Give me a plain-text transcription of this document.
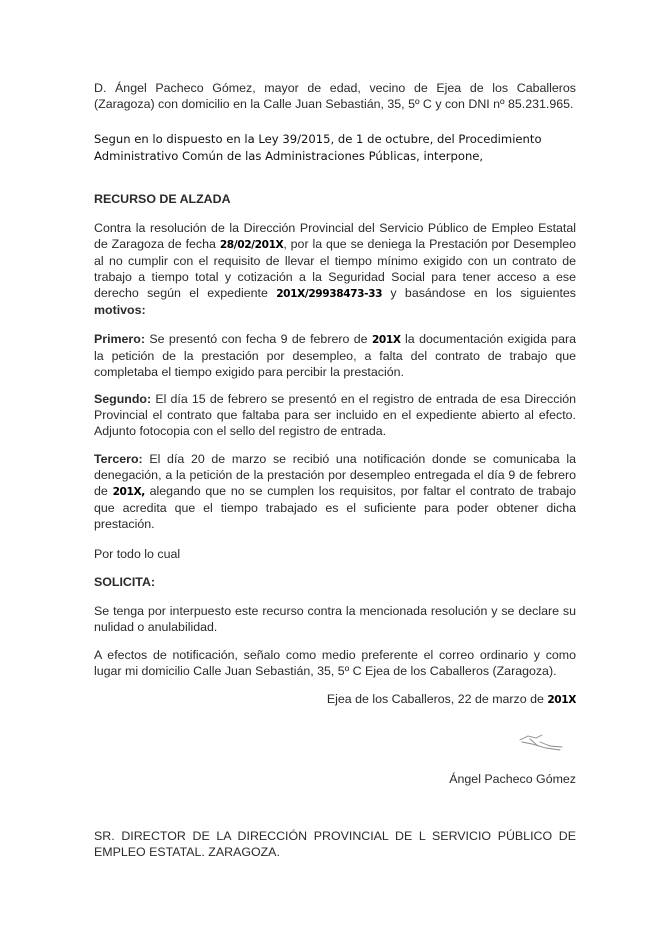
D. Ángel Pacheco Gómez, mayor de edad, vecino de Ejea de los Caballeros (Zaragoza) con domicilio en la Calle Juan Sebastián, 35, 5º C y con DNI nº 85.231.965.

Segun en lo dispuesto en la Ley 39/2015, de 1 de octubre, del Procedimiento Administrativo Común de las Administraciones Públicas, interpone,

RECURSO DE ALZADA

Contra la resolución de la Dirección Provincial del Servicio Público de Empleo Estatal de Zaragoza de fecha 28/02/201X, por la que se deniega la Prestación por Desempleo al no cumplir con el requisito de llevar el tiempo mínimo exigido con un contrato de trabajo a tiempo total y cotización a la Seguridad Social para tener acceso a ese derecho según el expediente 201X/29938473-33 y basándose en los siguientes motivos:

Primero: Se presentó con fecha 9 de febrero de 201X la documentación exigida para la petición de la prestación por desempleo, a falta del contrato de trabajo que completaba el tiempo exigido para percibir la prestación.

Segundo: El día 15 de febrero se presentó en el registro de entrada de esa Dirección Provincial el contrato que faltaba para ser incluido en el expediente abierto al efecto. Adjunto fotocopia con el sello del registro de entrada.

Tercero: El día 20 de marzo se recibió una notificación donde se comunicaba la denegación, a la petición de la prestación por desempleo entregada el día 9 de febrero de 201X, alegando que no se cumplen los requisitos, por faltar el contrato de trabajo que acredita que el tiempo trabajado es el suficiente para poder obtener dicha prestación.

Por todo lo cual

SOLICITA:

Se tenga por interpuesto este recurso contra la mencionada resolución y se declare su nulidad o anulabilidad.

A efectos de notificación, señalo como medio preferente el correo ordinario y como lugar mi domicilio Calle Juan Sebastián, 35, 5º C Ejea de los Caballeros (Zaragoza).

Ejea de los Caballeros, 22 de marzo de 201X

Ángel Pacheco Gómez

SR. DIRECTOR DE LA DIRECCIÓN PROVINCIAL DE L SERVICIO PÚBLICO DE EMPLEO ESTATAL. ZARAGOZA.
